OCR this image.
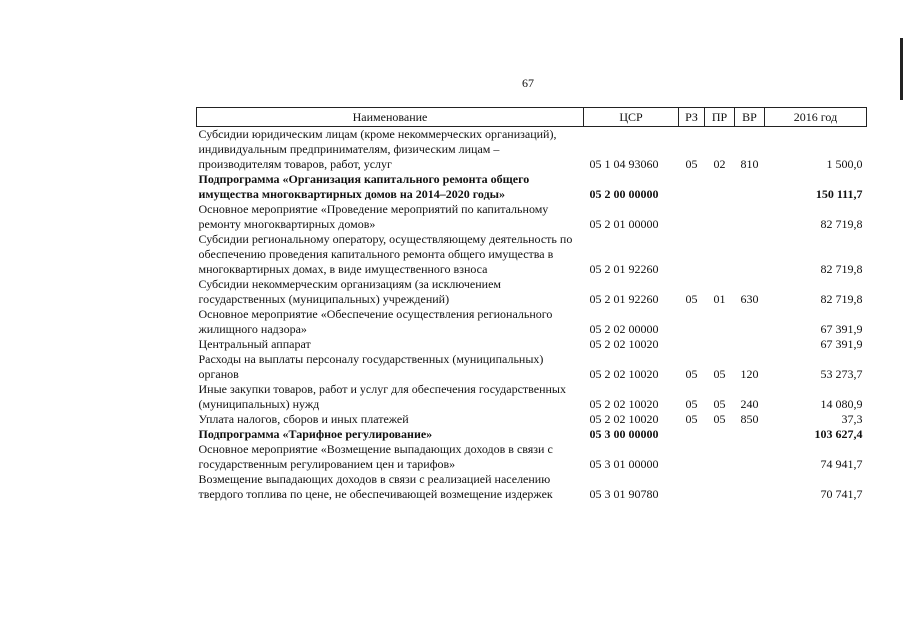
67
Наименование	ЦСР	РЗ	ПР	ВР	2016 год
Субсидии юридическим лицам (кроме некоммерческих организаций), индивидуальным предпринимателям, физическим лицам – производителям товаров, работ, услуг	05 1 04 93060	05	02	810	1 500,0
Подпрограмма «Организация капитального ремонта общего имущества многоквартирных домов на 2014–2020 годы»	05 2 00 00000				150 111,7
Основное мероприятие «Проведение мероприятий по капитальному ремонту многоквартирных домов»	05 2 01 00000				82 719,8
Субсидии региональному оператору, осуществляющему деятельность по обеспечению проведения капитального ремонта общего имущества в многоквартирных домах, в виде имущественного взноса	05 2 01 92260				82 719,8
Субсидии некоммерческим организациям (за исключением государственных (муниципальных) учреждений)	05 2 01 92260	05	01	630	82 719,8
Основное мероприятие «Обеспечение осуществления регионального жилищного надзора»	05 2 02 00000				67 391,9
Центральный аппарат	05 2 02 10020				67 391,9
Расходы на выплаты персоналу государственных (муниципальных) органов	05 2 02 10020	05	05	120	53 273,7
Иные закупки товаров, работ и услуг для обеспечения государственных (муниципальных) нужд	05 2 02 10020	05	05	240	14 080,9
Уплата налогов, сборов и иных платежей	05 2 02 10020	05	05	850	37,3
Подпрограмма «Тарифное регулирование»	05 3 00 00000				103 627,4
Основное мероприятие «Возмещение выпадающих доходов в связи с государственным регулированием цен и тарифов»	05 3 01 00000				74 941,7
Возмещение выпадающих доходов в связи с реализацией населению твердого топлива по цене, не обеспечивающей возмещение издержек	05 3 01 90780				70 741,7
